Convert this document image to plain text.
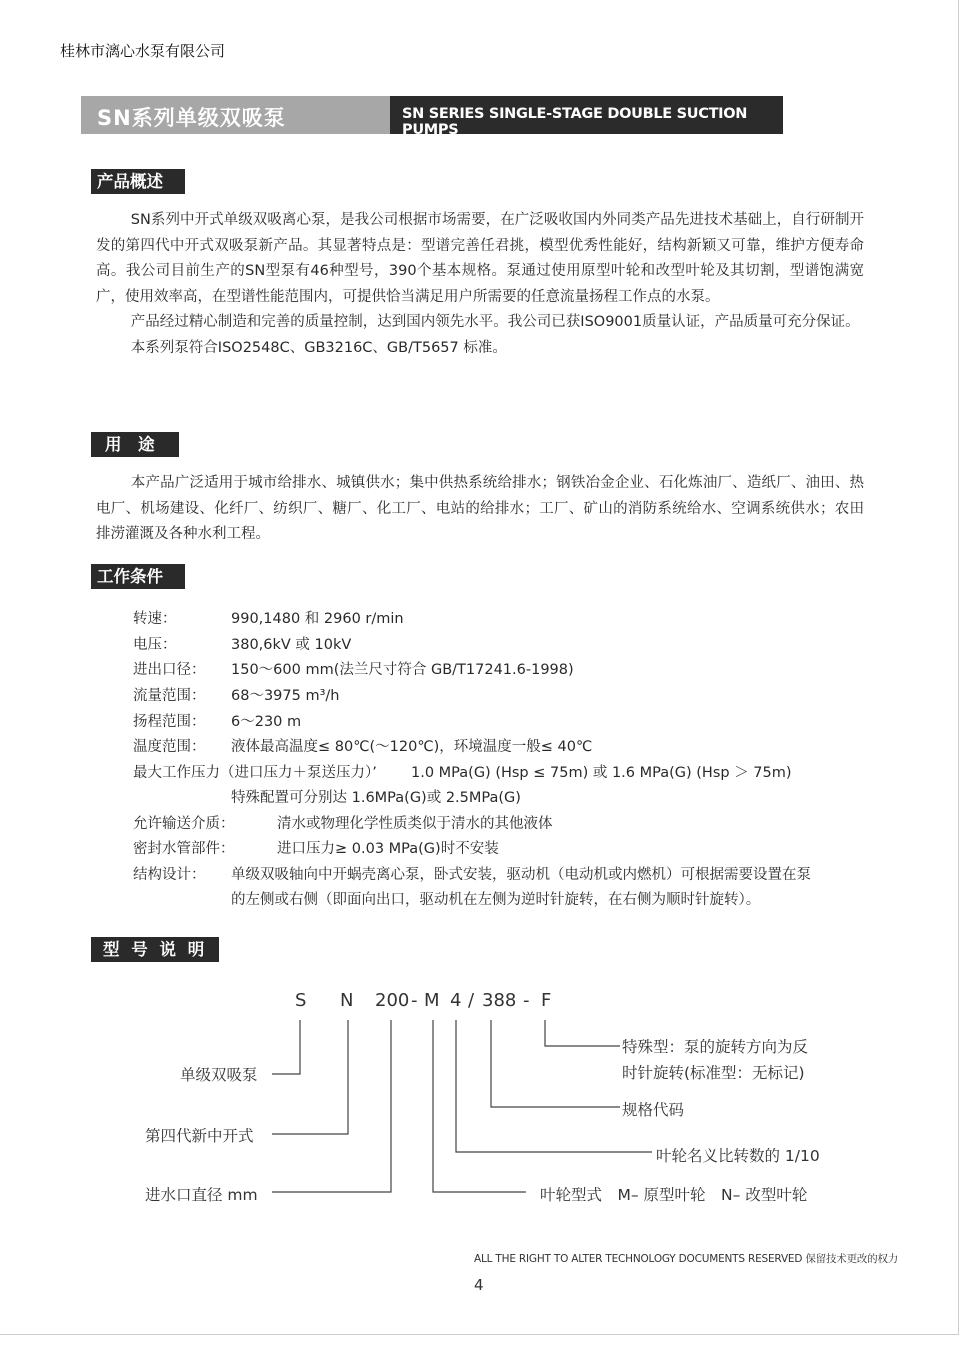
桂林市漓心水泵有限公司
SN系列单级双吸泵	SN SERIES SINGLE-STAGE DOUBLE SUCTION PUMPS
产品概述

SN系列中开式单级双吸离心泵，是我公司根据市场需要，在广泛吸收国内外同类产品先进技术基础上，自行研制开发的第四代中开式双吸泵新产品。其显著特点是：型谱完善任君挑，模型优秀性能好，结构新颖又可靠，维护方便寿命高。我公司目前生产的SN型泵有46种型号，390个基本规格。泵通过使用原型叶轮和改型叶轮及其切割，型谱饱满宽广，使用效率高，在型谱性能范围内，可提供恰当满足用户所需要的任意流量扬程工作点的水泵。

产品经过精心制造和完善的质量控制，达到国内领先水平。我公司已获ISO9001质量认证，产品质量可充分保证。

本系列泵符合ISO2548C、GB3216C、GB/T5657 标准。

用　途

本产品广泛适用于城市给排水、城镇供水；集中供热系统给排水；钢铁冶金企业、石化炼油厂、造纸厂、油田、热电厂、机场建设、化纤厂、纺织厂、糖厂、化工厂、电站的给排水；工厂、矿山的消防系统给水、空调系统供水；农田排涝灌溉及各种水利工程。

工作条件
转速：	990,1480 和 2960 r/min
电压：	380,6kV 或 10kV
进出口径： 150～600 mm(法兰尺寸符合 GB/T17241.6-1998)
流量范围： 68～3975 m³/h
扬程范围： 6～230 m
温度范围： 液体最高温度≤ 80℃(～120℃)，环境温度一般≤ 40℃
最大工作压力（进口压力＋泵送压力）’ 1.0 MPa(G) (Hsp ≤ 75m) 或 1.6 MPa(G) (Hsp ＞ 75m)
特殊配置可分别达 1.6MPa(G)或 2.5MPa(G)
允许输送介质：	清水或物理化学性质类似于清水的其他液体
密封水管部件：	进口压力≥ 0.03 MPa(G)时不安装
结构设计： 单级双吸轴向中开蜗壳离心泵，卧式安装，驱动机（电动机或内燃机）可根据需要设置在泵
的左侧或右侧（即面向出口，驱动机在左侧为逆时针旋转，在右侧为顺时针旋转）。
型 号 说 明
S N 200 - M 4 / 388 - F
特殊型：泵的旋转方向为反
时针旋转(标准型：无标记)
单级双吸泵
规格代码
第四代新中开式
叶轮名义比转数的 1/10
进水口直径 mm	叶轮型式　M– 原型叶轮　N– 改型叶轮
ALL THE RIGHT TO ALTER TECHNOLOGY DOCUMENTS RESERVED 保留技术更改的权力
4
